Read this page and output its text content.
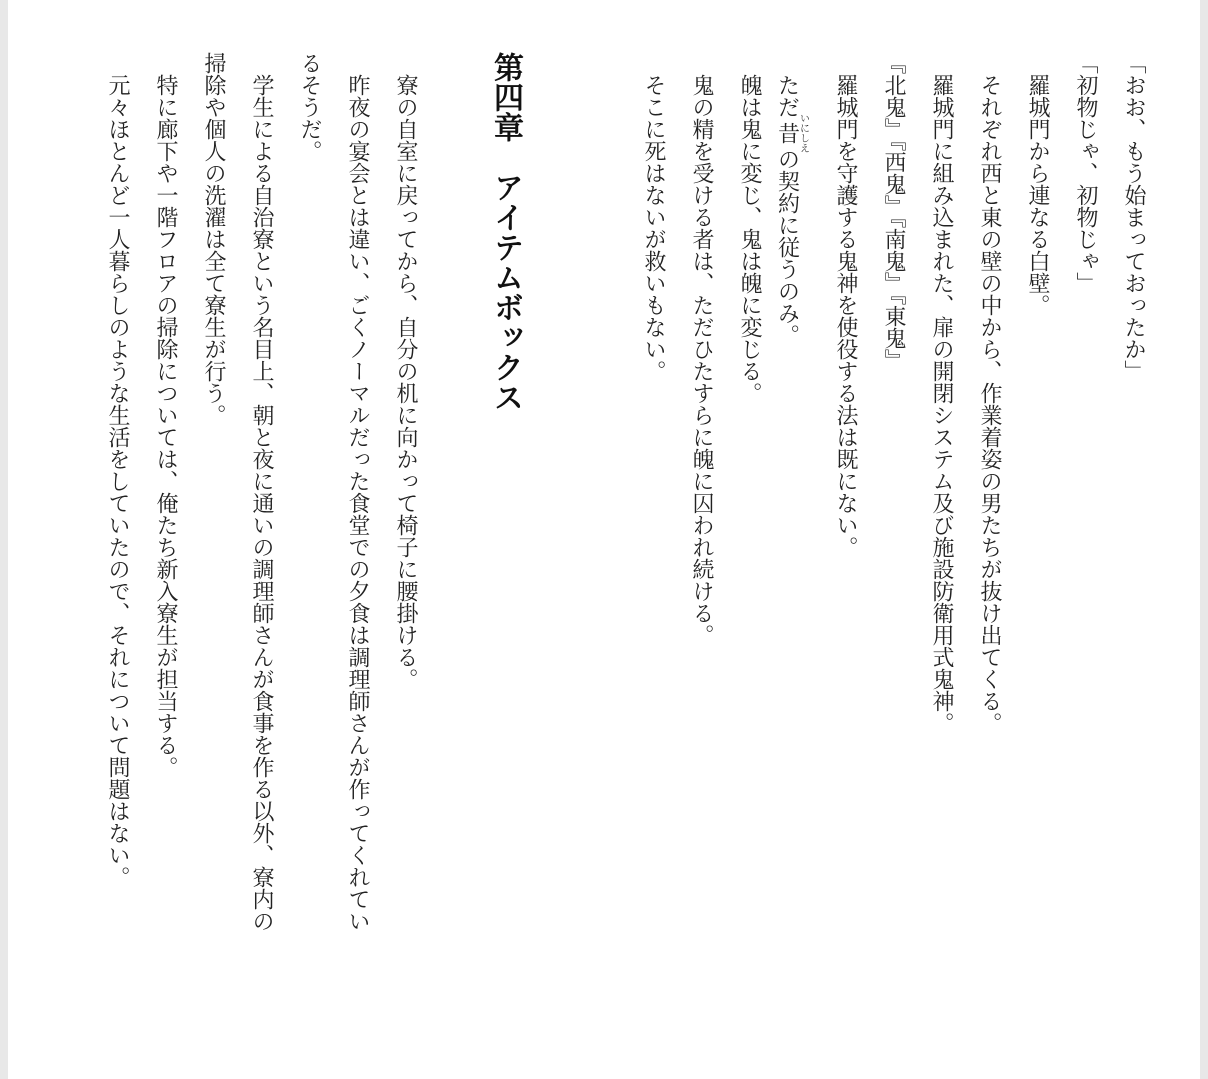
「おお、もう始まっておったか」
「初物じゃ、初物じゃ」
　羅城門から連なる白壁。
　それぞれ西と東の壁の中から、作業着姿の男たちが抜け出てくる。
　羅城門に組み込まれた、扉の開閉システム及び施設防衛用式鬼神。
『北鬼』『西鬼』『南鬼』『東鬼』
　羅城門を守護する鬼神を使役する法は既にない。
　ただ昔いにしえの契約に従うのみ。
　魄は鬼に変じ、鬼は魄に変じる。
　鬼の精を受ける者は、ただひたすらに魄に囚われ続ける。
　そこに死はないが救いもない。
第四章　アイテムボックス
　寮の自室に戻ってから、自分の机に向かって椅子に腰掛ける。
　昨夜の宴会とは違い、ごくノーマルだった食堂での夕食は調理師さんが作ってくれてい
るそうだ。
　学生による自治寮という名目上、朝と夜に通いの調理師さんが食事を作る以外、寮内の
掃除や個人の洗濯は全て寮生が行う。
　特に廊下や一階フロアの掃除については、俺たち新入寮生が担当する。
　元々ほとんど一人暮らしのような生活をしていたので、それについて問題はない。
